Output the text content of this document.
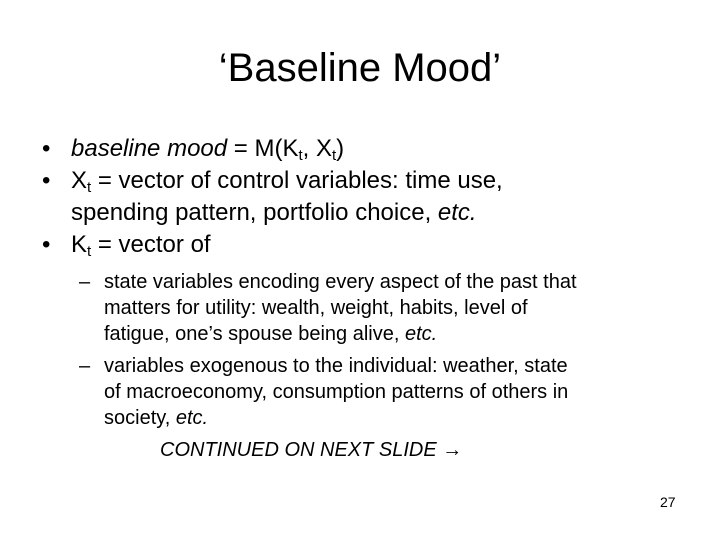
‘Baseline Mood’
• baseline mood = $M(K_t$, $X_t$)
• $X_t$ = vector of control variables: time use,
spending pattern, portfolio choice, etc.
• $K_t$ = vector of
– state variables encoding every aspect of the past that
matters for utility: wealth, weight, habits, level of
fatigue, one’s spouse being alive, etc.
– variables exogenous to the individual: weather, state
of macroeconomy, consumption patterns of others in
society, etc.
CONTINUED ON NEXT SLIDE →
27
